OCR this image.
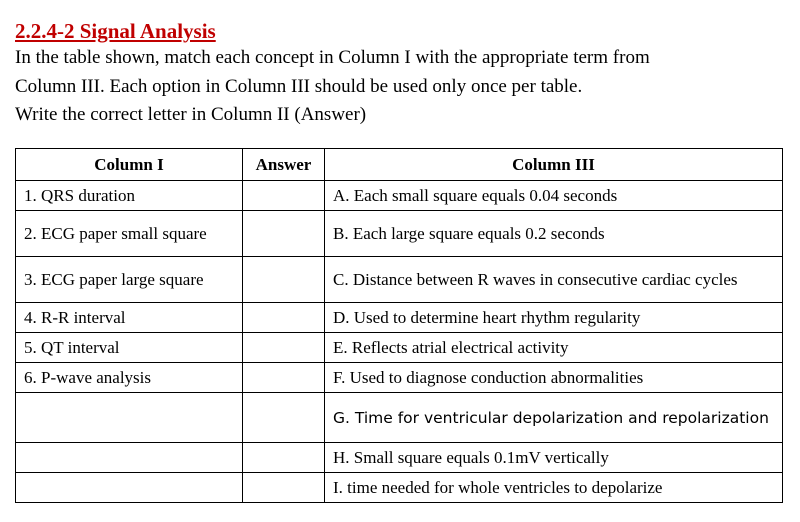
2.2.4-2 Signal Analysis

In the table shown, match each concept in Column I with the appropriate term from

Column III. Each option in Column III should be used only once per table.

Write the correct letter in Column II (Answer)

Column I	Answer	Column III
1. QRS duration		A. Each small square equals 0.04 seconds
2. ECG paper small square		B. Each large square equals 0.2 seconds
3. ECG paper large square		C. Distance between R waves in consecutive cardiac cycles
4. R-R interval		D. Used to determine heart rhythm regularity
5. QT interval		E. Reflects atrial electrical activity
6. P-wave analysis		F. Used to diagnose conduction abnormalities
		G. Time for ventricular depolarization and repolarization
		H. Small square equals 0.1mV vertically
		I. time needed for whole ventricles to depolarize
